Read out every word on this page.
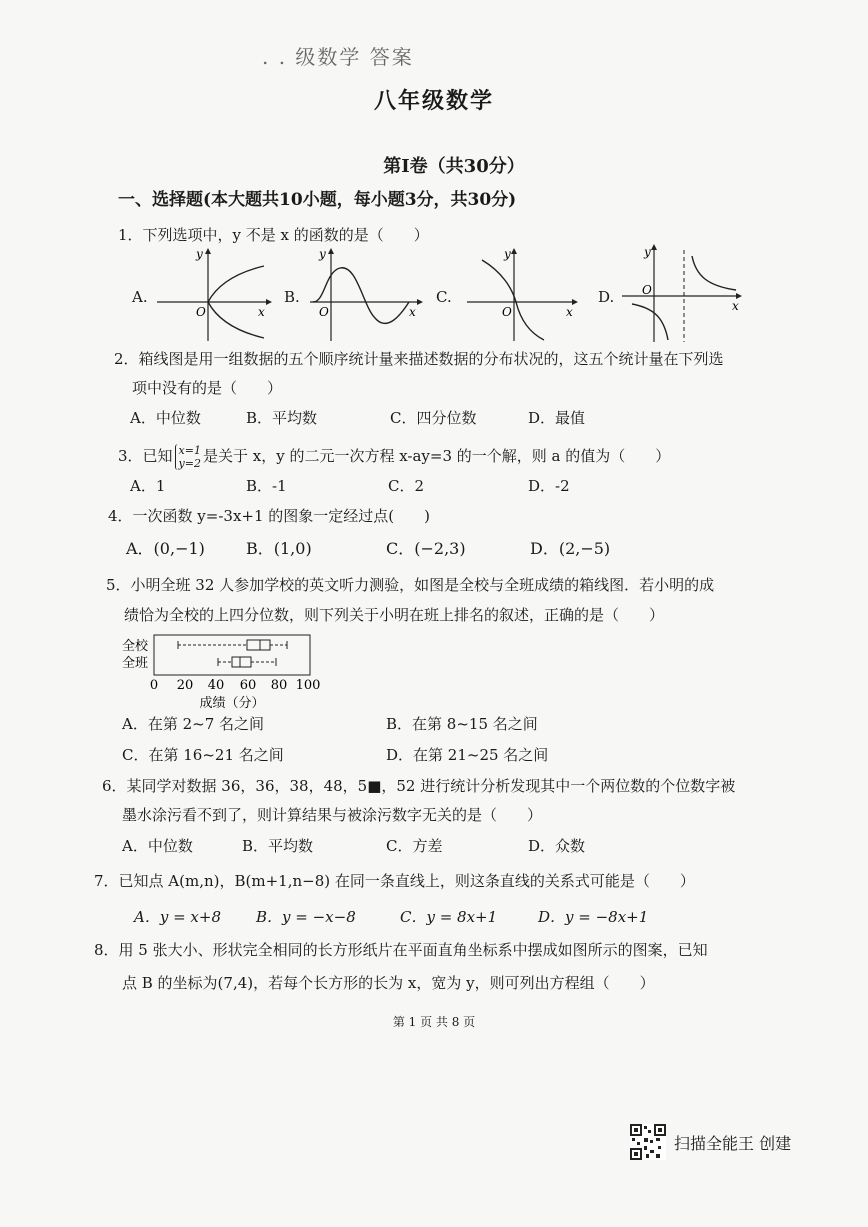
. . 级数学 答案
八年级数学
第Ⅰ卷（共30分）
一、选择题(本大题共10小题，每小题3分，共30分)
1．下列选项中，y 不是 x 的函数的是（　　）
A.
y
O	x
B.
y
O	x
C.
y
O	x
D.
y
O
x
2．箱线图是用一组数据的五个顺序统计量来描述数据的分布状况的，这五个统计量在下列选
项中没有的是（　　）
A．中位数	B．平均数	C．四分位数	D．最值
3．已知 x=1
y=2 是关于 x，y 的二元一次方程 x-ay=3 的一个解，则 a 的值为（　　）
A．1	B．-1	C．2	D．-2
4．一次函数 y=-3x+1 的图象一定经过点(　　)
A．(0,−1)	B．(1,0)	C．(−2,3)	D．(2,−5)
5．小明全班 32 人参加学校的英文听力测验，如图是全校与全班成绩的箱线图．若小明的成
绩恰为全校的上四分位数，则下列关于小明在班上排名的叙述，正确的是（　　）
全校
全班
0 20 40 60 80 100
成绩（分）
A．在第 2~7 名之间	B．在第 8~15 名之间
C．在第 16~21 名之间	D．在第 21~25 名之间
6．某同学对数据 36，36，38，48，5■，52 进行统计分析发现其中一个两位数的个位数字被
墨水涂污看不到了，则计算结果与被涂污数字无关的是（　　）
A．中位数	B．平均数	C．方差	D．众数
7．已知点 A(m,n)，B(m+1,n−8) 在同一条直线上，则这条直线的关系式可能是（　　）
A．y = x+8 B．y = −x−8	C．y = 8x+1	D．y = −8x+1
8．用 5 张大小、形状完全相同的长方形纸片在平面直角坐标系中摆成如图所示的图案，已知
点 B 的坐标为(7,4)，若每个长方形的长为 x，宽为 y，则可列出方程组（　　）
第 1 页 共 8 页
扫描全能王 创建
